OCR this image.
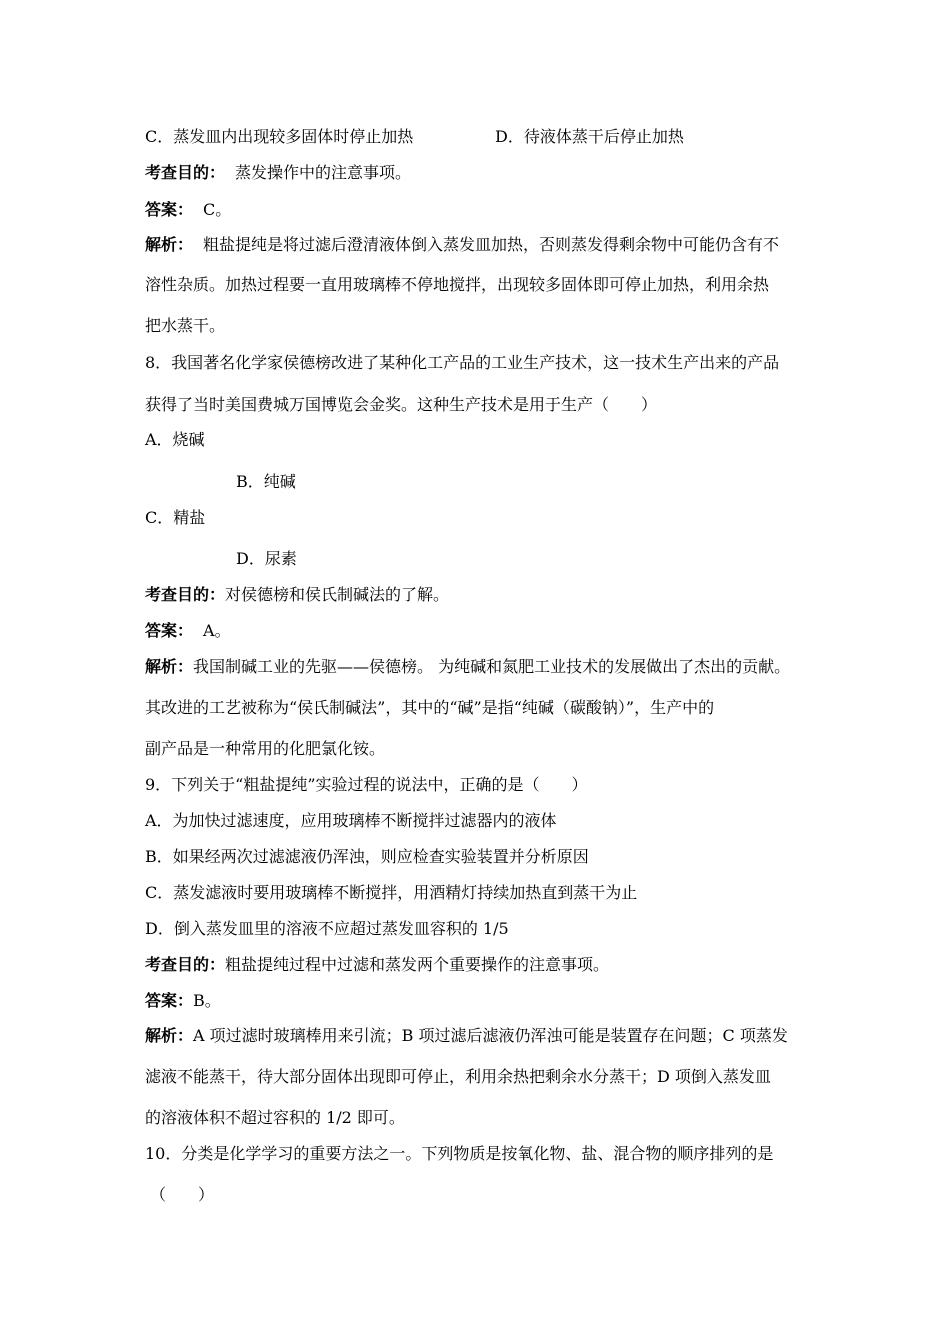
C．蒸发皿内出现较多固体时停止加热	D．待液体蒸干后停止加热
考查目的： 蒸发操作中的注意事项。
答案： C。
解析： 粗盐提纯是将过滤后澄清液体倒入蒸发皿加热，否则蒸发得剩余物中可能仍含有不
溶性杂质。加热过程要一直用玻璃棒不停地搅拌，出现较多固体即可停止加热，利用余热
把水蒸干。
8．我国著名化学家侯德榜改进了某种化工产品的工业生产技术，这一技术生产出来的产品
获得了当时美国费城万国博览会金奖。这种生产技术是用于生产（　　）
A．烧碱
B．纯碱
C．精盐
D．尿素
考查目的：对侯德榜和侯氏制碱法的了解。
答案： A。
解析：我国制碱工业的先驱——侯德榜。 为纯碱和氮肥工业技术的发展做出了杰出的贡献。
其改进的工艺被称为“侯氏制碱法”，其中的“碱”是指“纯碱（碳酸钠）”，生产中的
副产品是一种常用的化肥氯化铵。
9．下列关于“粗盐提纯”实验过程的说法中，正确的是（　　）
A．为加快过滤速度，应用玻璃棒不断搅拌过滤器内的液体
B．如果经两次过滤滤液仍浑浊，则应检查实验装置并分析原因
C．蒸发滤液时要用玻璃棒不断搅拌，用酒精灯持续加热直到蒸干为止
D．倒入蒸发皿里的溶液不应超过蒸发皿容积的 1/5
考查目的：粗盐提纯过程中过滤和蒸发两个重要操作的注意事项。
答案：B。
解析：A 项过滤时玻璃棒用来引流；B 项过滤后滤液仍浑浊可能是装置存在问题；C 项蒸发
滤液不能蒸干，待大部分固体出现即可停止，利用余热把剩余水分蒸干；D 项倒入蒸发皿
的溶液体积不超过容积的 1/2 即可。
10．分类是化学学习的重要方法之一。下列物质是按氧化物、盐、混合物的顺序排列的是
（　　）
